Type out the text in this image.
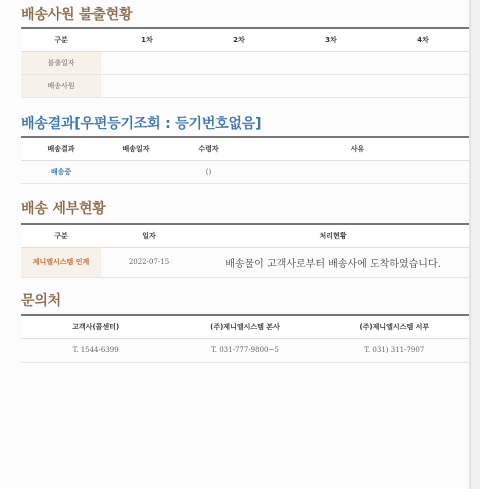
배송사원 불출현황
구분	1차	2차	3차	4차
불출일자				
배송사원				
배송결과[우편등기조회 : 등기번호없음]
배송결과	배송일자	수령자	사유
배송중		()	
배송 세부현황
구분	일자	처리현황
제니엘시스템 인계	2022-07-15	배송물이 고객사로부터 배송사에 도착하였습니다.
문의처
고객사(콜센터)	(주)제니엘시스템 본사	(주)제니엘시스템 서부
T. 1544-6399	T. 031-777-9800~5	T. 031) 311-7907
